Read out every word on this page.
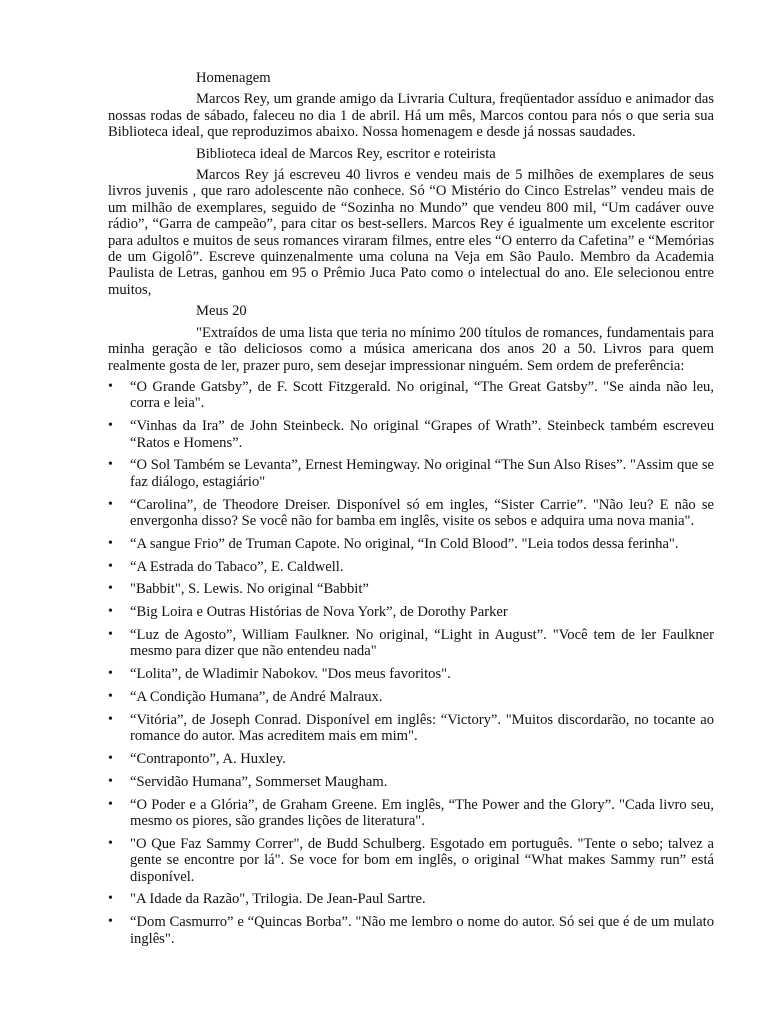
Homenagem

Marcos Rey, um grande amigo da Livraria Cultura, freqüentador assíduo e animador das nossas rodas de sábado, faleceu no dia 1 de abril. Há um mês, Marcos contou para nós o que seria sua Biblioteca ideal, que reproduzimos abaixo. Nossa homenagem e desde já nossas saudades.

Biblioteca ideal de Marcos Rey, escritor e roteirista

Marcos Rey já escreveu 40 livros e vendeu mais de 5 milhões de exemplares de seus livros juvenis , que raro adolescente não conhece. Só “O Mistério do Cinco Estrelas” vendeu mais de um milhão de exemplares, seguido de “Sozinha no Mundo” que vendeu 800 mil, “Um cadáver ouve rádio”, “Garra de campeão”, para citar os best-sellers. Marcos Rey é igualmente um excelente escritor para adultos e muitos de seus romances viraram filmes, entre eles “O enterro da Cafetina” e “Memórias de um Gigolô”. Escreve quinzenalmente uma coluna na Veja em São Paulo. Membro da Academia Paulista de Letras, ganhou em 95 o Prêmio Juca Pato como o intelectual do ano. Ele selecionou entre muitos,

Meus 20

"Extraídos de uma lista que teria no mínimo 200 títulos de romances, fundamentais para minha geração e tão deliciosos como a música americana dos anos 20 a 50. Livros para quem realmente gosta de ler, prazer puro, sem desejar impressionar ninguém. Sem ordem de preferência:

• “O Grande Gatsby”, de F. Scott Fitzgerald. No original, “The Great Gatsby”. "Se ainda não leu, corra e leia".
• “Vinhas da Ira” de John Steinbeck. No original “Grapes of Wrath”. Steinbeck também escreveu “Ratos e Homens”.
• “O Sol Também se Levanta”, Ernest Hemingway. No original “The Sun Also Rises”. "Assim que se faz diálogo, estagiário"
• “Carolina”, de Theodore Dreiser. Disponível só em ingles, “Sister Carrie”. "Não leu? E não se envergonha disso? Se você não for bamba em inglês, visite os sebos e adquira uma nova mania".
• “A sangue Frio” de Truman Capote. No original, “In Cold Blood”. "Leia todos dessa ferinha".
• “A Estrada do Tabaco”, E. Caldwell.
• "Babbit", S. Lewis. No original “Babbit”
• “Big Loira e Outras Histórias de Nova York”, de Dorothy Parker
• “Luz de Agosto”, William Faulkner. No original, “Light in August”. "Você tem de ler Faulkner mesmo para dizer que não entendeu nada"
• “Lolita”, de Wladimir Nabokov. "Dos meus favoritos".
• “A Condição Humana”, de André Malraux.
• “Vitória”, de Joseph Conrad. Disponível em inglês: “Victory”. "Muitos discordarão, no tocante ao romance do autor. Mas acreditem mais em mim".
• “Contraponto”, A. Huxley.
• “Servidão Humana”, Sommerset Maugham.
• “O Poder e a Glória”, de Graham Greene. Em inglês, “The Power and the Glory”. "Cada livro seu, mesmo os piores, são grandes lições de literatura".
• "O Que Faz Sammy Correr", de Budd Schulberg. Esgotado em português. "Tente o sebo; talvez a gente se encontre por lá". Se voce for bom em inglês, o original “What makes Sammy run” está disponível.
• "A Idade da Razão", Trilogia. De Jean-Paul Sartre.
• “Dom Casmurro” e “Quincas Borba”. "Não me lembro o nome do autor. Só sei que é de um mulato inglês".
